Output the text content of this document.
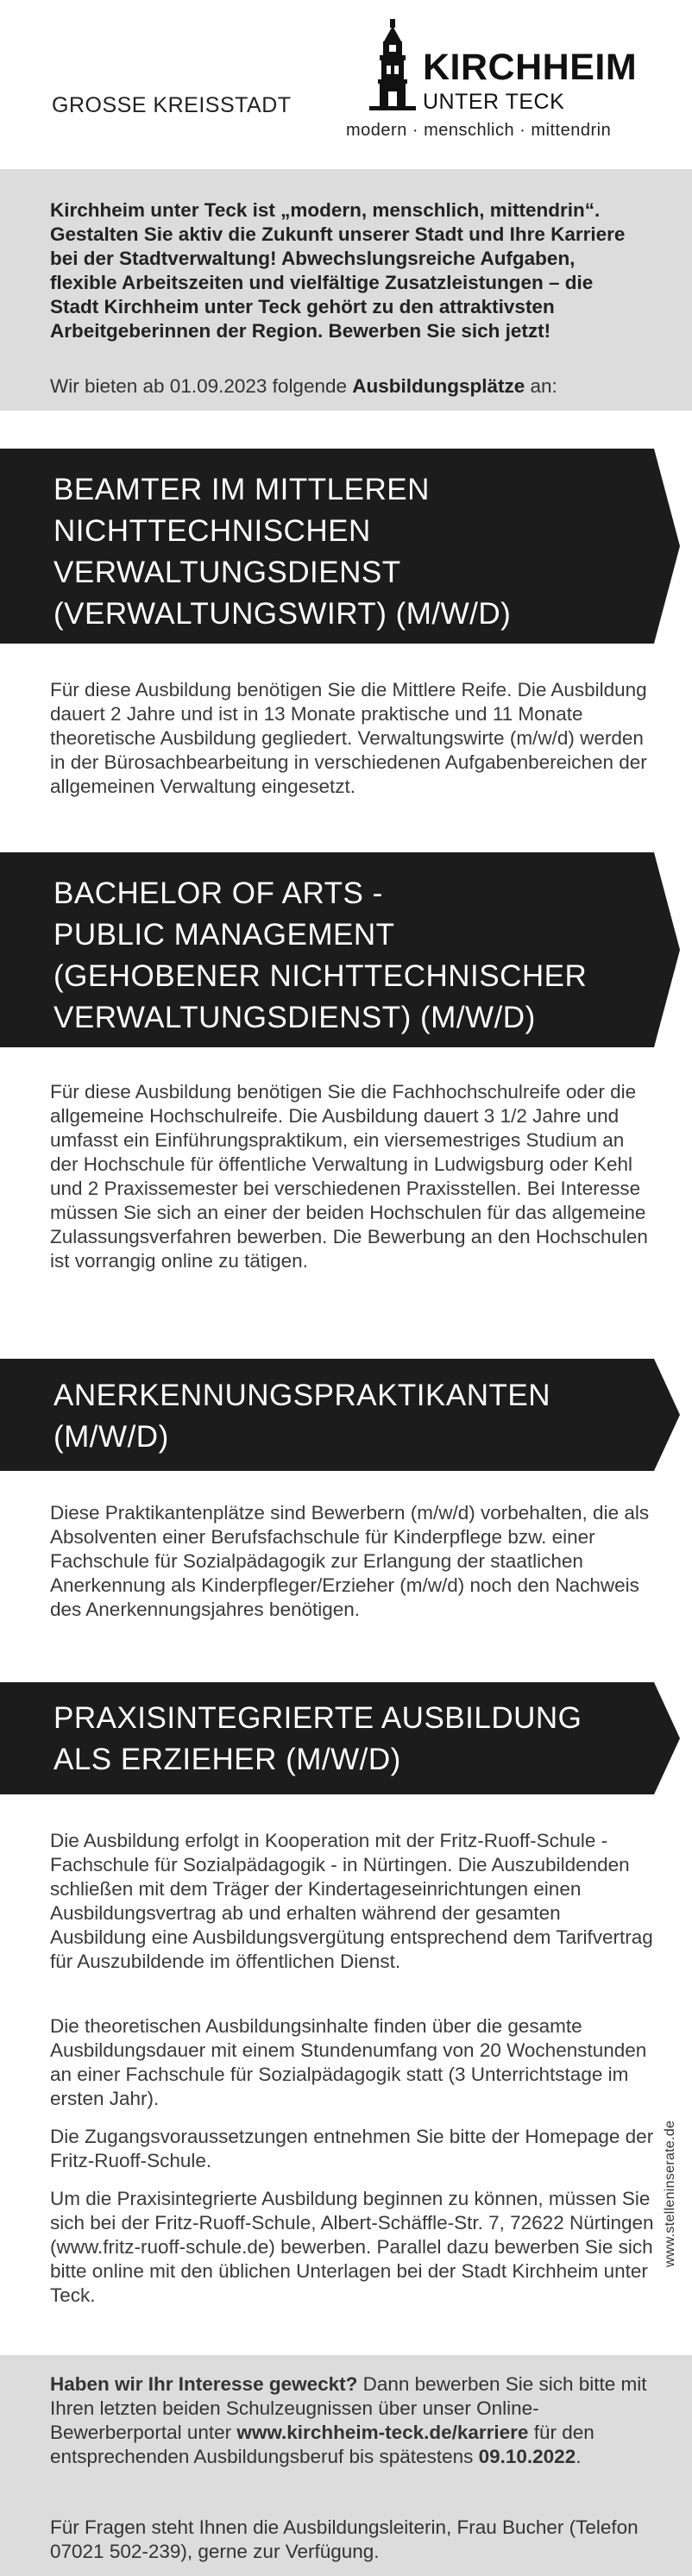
GROSSE KREISSTADT
KIRCHHEIM
UNTER TECK
modern · menschlich · mittendrin
Kirchheim unter Teck ist „modern, menschlich, mittendrin“. Gestalten Sie aktiv die Zukunft unserer Stadt und Ihre Karriere bei der Stadtverwaltung! Abwechslungsreiche Aufgaben, flexible Arbeitszeiten und vielfältige Zusatzleistungen – die Stadt Kirchheim unter Teck gehört zu den attraktivsten Arbeitgeberinnen der Region. Bewerben Sie sich jetzt!
Wir bieten ab 01.09.2023 folgende Ausbildungsplätze an:
BEAMTER IM MITTLEREN
NICHTTECHNISCHEN
VERWALTUNGSDIENST
(VERWALTUNGSWIRT) (M/W/D)
Für diese Ausbildung benötigen Sie die Mittlere Reife. Die Ausbildung dauert 2 Jahre und ist in 13 Monate praktische und 11 Monate theoretische Ausbildung gegliedert. Verwaltungswirte (m/w/d) werden in der Bürosachbearbeitung in verschiedenen Aufgabenbereichen der allgemeinen Verwaltung eingesetzt.
BACHELOR OF ARTS -
PUBLIC MANAGEMENT
(GEHOBENER NICHTTECHNISCHER
VERWALTUNGSDIENST) (M/W/D)
Für diese Ausbildung benötigen Sie die Fachhochschulreife oder die allgemeine Hochschulreife. Die Ausbildung dauert 3 1/2 Jahre und umfasst ein Einführungspraktikum, ein viersemestriges Studium an der Hochschule für öffentliche Verwaltung in Ludwigsburg oder Kehl und 2 Praxissemester bei verschiedenen Praxisstellen. Bei Interesse müssen Sie sich an einer der beiden Hochschulen für das allgemeine Zulassungsverfahren bewerben. Die Bewerbung an den Hochschulen ist vorrangig online zu tätigen.
ANERKENNUNGSPRAKTIKANTEN
(M/W/D)
Diese Praktikantenplätze sind Bewerbern (m/w/d) vorbehalten, die als Absolventen einer Berufsfachschule für Kinderpflege bzw. einer Fachschule für Sozialpädagogik zur Erlangung der staatlichen Anerkennung als Kinderpfleger/Erzieher (m/w/d) noch den Nachweis des Anerkennungsjahres benötigen.
PRAXISINTEGRIERTE AUSBILDUNG
ALS ERZIEHER (M/W/D)
Die Ausbildung erfolgt in Kooperation mit der Fritz-Ruoff-Schule - Fachschule für Sozialpädagogik - in Nürtingen. Die Auszubildenden schließen mit dem Träger der Kindertageseinrichtungen einen Ausbildungsvertrag ab und erhalten während der gesamten Ausbildung eine Ausbildungsvergütung entsprechend dem Tarifvertrag für Auszubildende im öffentlichen Dienst.
Die theoretischen Ausbildungsinhalte finden über die gesamte Ausbildungsdauer mit einem Stundenumfang von 20 Wochenstunden an einer Fachschule für Sozialpädagogik statt (3 Unterrichtstage im ersten Jahr).
Die Zugangsvoraussetzungen entnehmen Sie bitte der Homepage der Fritz-Ruoff-Schule.
Um die Praxisintegrierte Ausbildung beginnen zu können, müssen Sie sich bei der Fritz-Ruoff-Schule, Albert-Schäffle-Str. 7, 72622 Nürtingen (www.fritz-ruoff-schule.de) bewerben. Parallel dazu bewerben Sie sich bitte online mit den üblichen Unterlagen bei der Stadt Kirchheim unter Teck.
www.stelleninserate.de
Haben wir Ihr Interesse geweckt? Dann bewerben Sie sich bitte mit Ihren letzten beiden Schulzeugnissen über unser Online-Bewerberportal unter www.kirchheim-teck.de/karriere für den entsprechenden Ausbildungsberuf bis spätestens 09.10.2022.
Für Fragen steht Ihnen die Ausbildungsleiterin, Frau Bucher (Telefon 07021 502-239), gerne zur Verfügung.
